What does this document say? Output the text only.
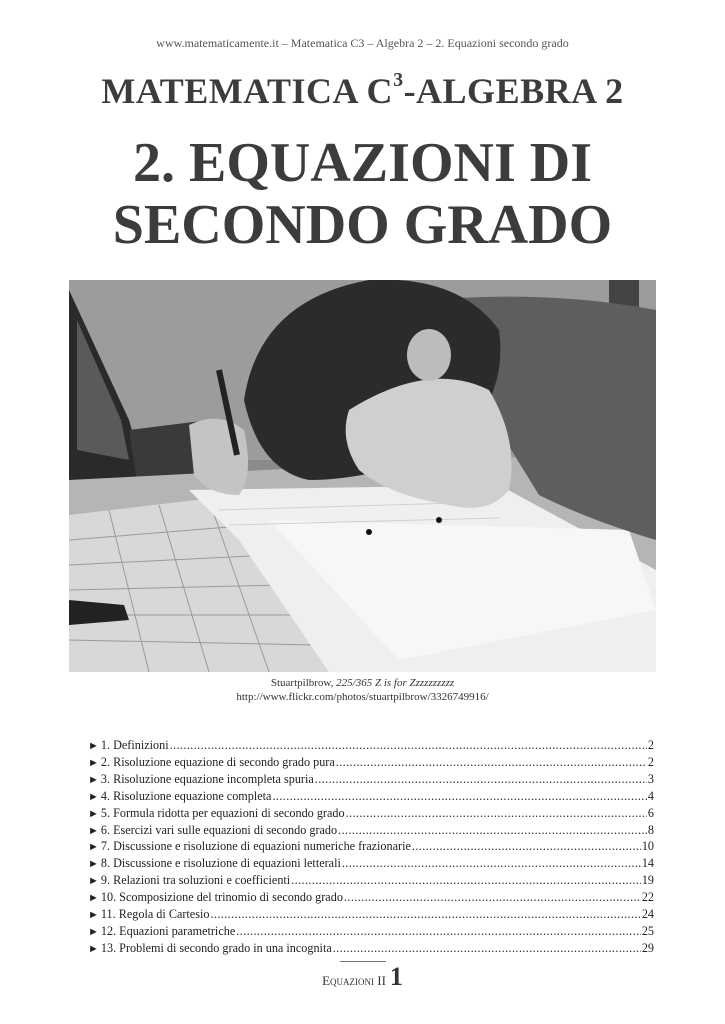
www.matematicamente.it – Matematica C3 – Algebra 2 – 2. Equazioni secondo grado
MATEMATICA $C^3$-ALGEBRA 2
2. EQUAZIONI DI
SECONDO GRADO
Stuartpilbrow, 225/365 Z is for Zzzzzzzzzz
http://www.flickr.com/photos/stuartpilbrow/3326749916/
► 1. Definizioni .....	2
► 2. Risoluzione equazione di secondo grado pura .....	2
► 3. Risoluzione equazione incompleta spuria .....	3
► 4. Risoluzione equazione completa .....	4
► 5. Formula ridotta per equazioni di secondo grado .....	6
► 6. Esercizi vari sulle equazioni di secondo grado .....	8
► 7. Discussione e risoluzione di equazioni numeriche frazionarie .....	10
► 8. Discussione e risoluzione di equazioni letterali .....	14
► 9. Relazioni tra soluzioni e coefficienti .....	19
► 10. Scomposizione del trinomio di secondo grado .....	22
► 11. Regola di Cartesio .....	24
► 12. Equazioni parametriche .....	25
► 13. Problemi di secondo grado in una incognita .....	29
Equazioni II 1
